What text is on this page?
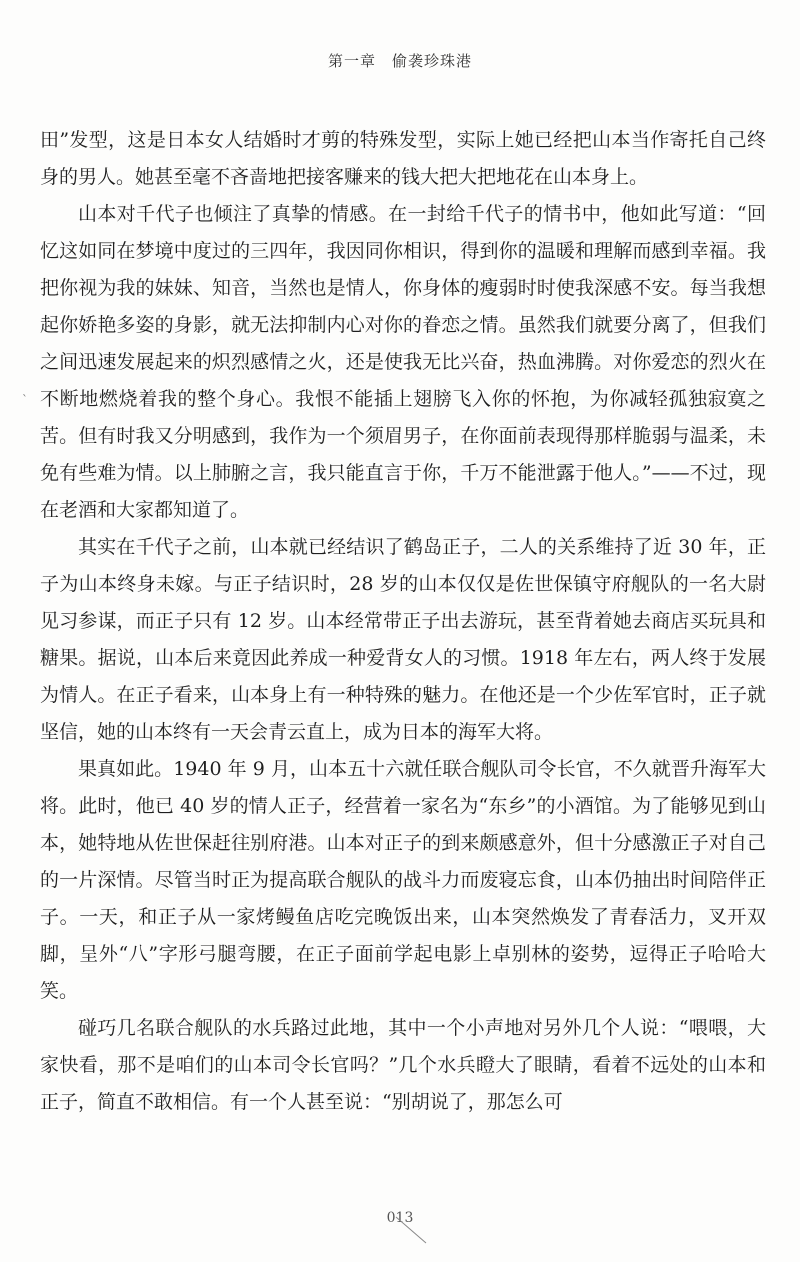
第一章　偷袭珍珠港
ˋ

田”发型，这是日本女人结婚时才剪的特殊发型，实际上她已经把山本当作寄托自己终身的男人。她甚至毫不吝啬地把接客赚来的钱大把大把地花在山本身上。

山本对千代子也倾注了真挚的情感。在一封给千代子的情书中，他如此写道：“回忆这如同在梦境中度过的三四年，我因同你相识，得到你的温暖和理解而感到幸福。我把你视为我的妹妹、知音，当然也是情人，你身体的瘦弱时时使我深感不安。每当我想起你娇艳多姿的身影，就无法抑制内心对你的眷恋之情。虽然我们就要分离了，但我们之间迅速发展起来的炽烈感情之火，还是使我无比兴奋，热血沸腾。对你爱恋的烈火在不断地燃烧着我的整个身心。我恨不能插上翅膀飞入你的怀抱，为你减轻孤独寂寞之苦。但有时我又分明感到，我作为一个须眉男子，在你面前表现得那样脆弱与温柔，未免有些难为情。以上肺腑之言，我只能直言于你，千万不能泄露于他人。”——不过，现在老酒和大家都知道了。

其实在千代子之前，山本就已经结识了鹤岛正子，二人的关系维持了近 30 年，正子为山本终身未嫁。与正子结识时，28 岁的山本仅仅是佐世保镇守府舰队的一名大尉见习参谋，而正子只有 12 岁。山本经常带正子出去游玩，甚至背着她去商店买玩具和糖果。据说，山本后来竟因此养成一种爱背女人的习惯。1918 年左右，两人终于发展为情人。在正子看来，山本身上有一种特殊的魅力。在他还是一个少佐军官时，正子就坚信，她的山本终有一天会青云直上，成为日本的海军大将。

果真如此。1940 年 9 月，山本五十六就任联合舰队司令长官，不久就晋升海军大将。此时，他已 40 岁的情人正子，经营着一家名为“东乡”的小酒馆。为了能够见到山本，她特地从佐世保赶往别府港。山本对正子的到来颇感意外，但十分感激正子对自己的一片深情。尽管当时正为提高联合舰队的战斗力而废寝忘食，山本仍抽出时间陪伴正子。一天，和正子从一家烤鳗鱼店吃完晚饭出来，山本突然焕发了青春活力，叉开双脚，呈外“八”字形弓腿弯腰，在正子面前学起电影上卓别林的姿势，逗得正子哈哈大笑。

碰巧几名联合舰队的水兵路过此地，其中一个小声地对另外几个人说：“喂喂，大家快看，那不是咱们的山本司令长官吗？”几个水兵瞪大了眼睛，看着不远处的山本和正子，简直不敢相信。有一个人甚至说：“别胡说了，那怎么可

013
